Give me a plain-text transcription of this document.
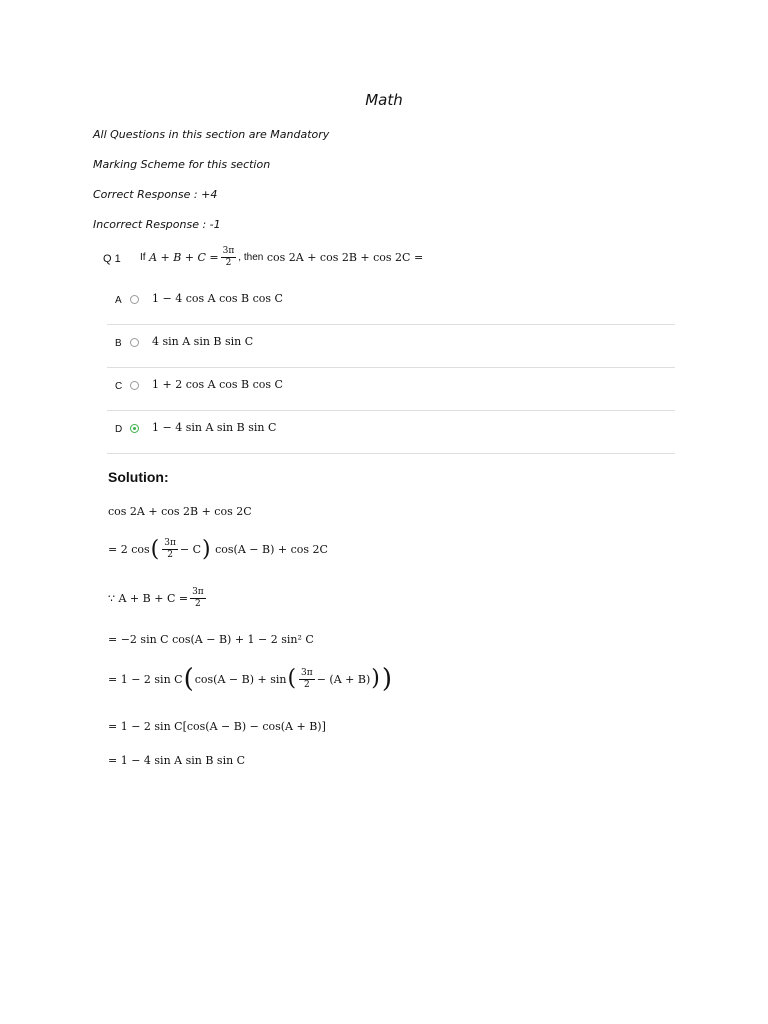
Math
All Questions in this section are Mandatory
Marking Scheme for this section
Correct Response : +4
Incorrect Response : -1
Q 1 If
$A + B + C = \frac{3\pi}{2}$ , then
cos 2A + cos 2B + cos 2C =
A	1 − 4 cos A cos B cos C
B	4 sin A sin B sin C
C	1 + 2 cos A cos B cos C
D	1 − 4 sin A sin B sin C
Solution:
cos 2A + cos 2B + cos 2C
= 2 cos ( $\frac{3\pi}{2} - C$ )
cos(A − B) + cos 2C
∵ $A + B + C = \frac{3\pi}{2}$
= −2 sin C cos(A − B) + 1 − 2 sin² C
= 1 − 2 sin C ( cos(A − B) + sin ( $\frac{3\pi}{2} - (A + B)$ ) )
= 1 − 2 sin C[cos(A − B) − cos(A + B)]
= 1 − 4 sin A sin B sin C
